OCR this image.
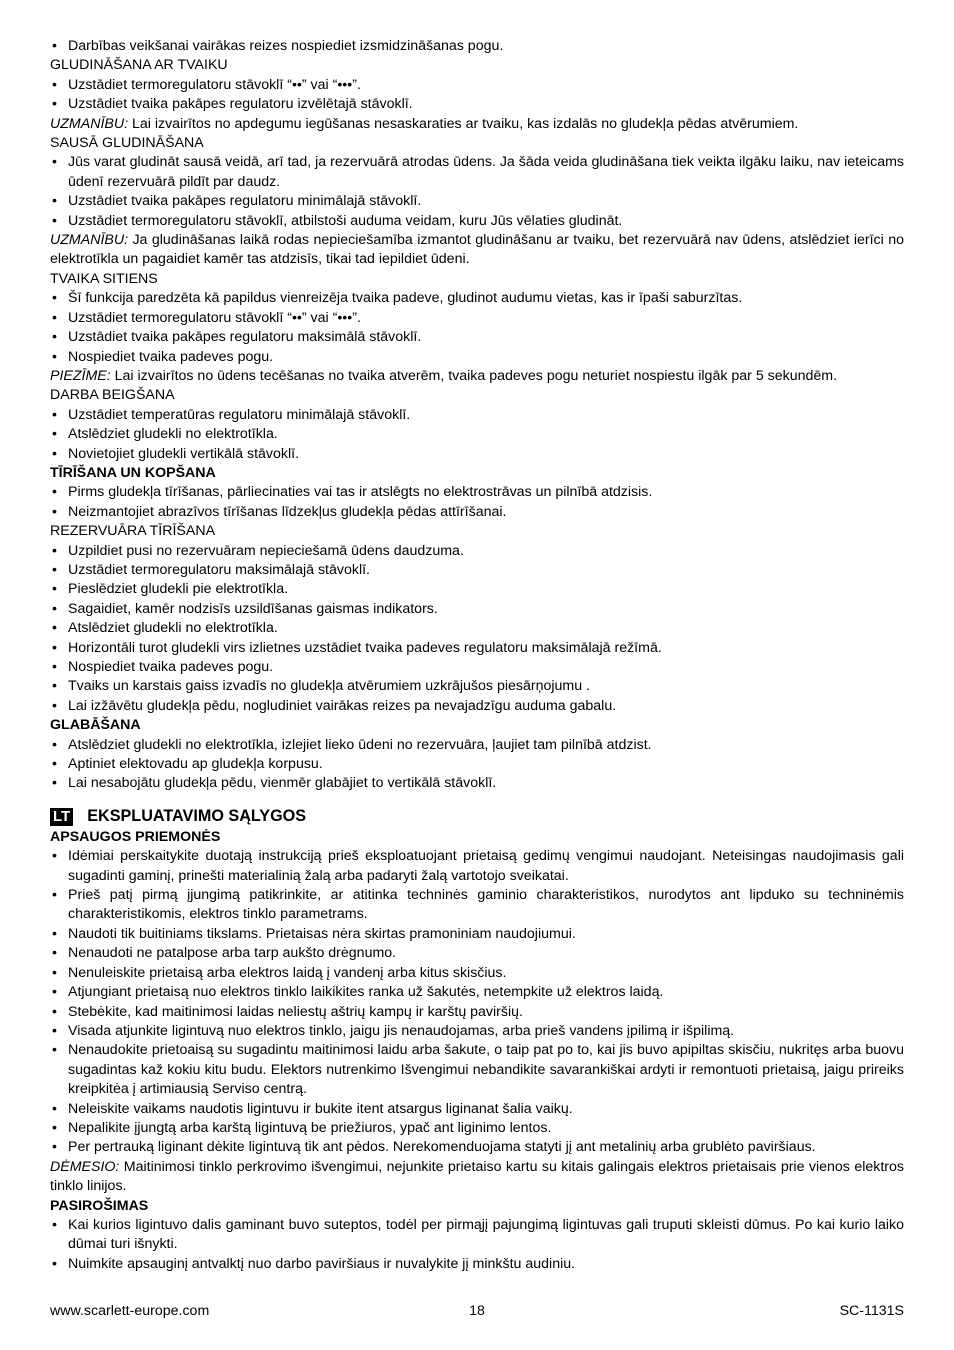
• Darbības veikšanai vairākas reizes nospiediet izsmidzināšanas pogu.

GLUDINĀŠANA AR TVAIKU

• Uzstādiet termoregulatoru stāvoklī “••” vai “•••”.
• Uzstādiet tvaika pakāpes regulatoru izvēlētajā stāvoklī.

UZMANĪBU: Lai izvairītos no apdegumu iegūšanas nesaskaraties ar tvaiku, kas izdalās no gludekļa pēdas atvērumiem.

SAUSĀ GLUDINĀŠANA

• Jūs varat gludināt sausā veidā, arī tad, ja rezervuārā atrodas ūdens. Ja šāda veida gludināšana tiek veikta ilgāku laiku, nav ieteicams ūdenī rezervuārā pildīt par daudz.
• Uzstādiet tvaika pakāpes regulatoru minimālajā stāvoklī.
• Uzstādiet termoregulatoru stāvoklī, atbilstoši auduma veidam, kuru Jūs vēlaties gludināt.

UZMANĪBU: Ja gludināšanas laikā rodas nepieciešamība izmantot gludināšanu ar tvaiku, bet rezervuārā nav ūdens, atslēdziet ierīci no elektrotīkla un pagaidiet kamēr tas atdzisīs, tikai tad iepildiet ūdeni.

TVAIKA SITIENS

• Šī funkcija paredzēta kā papildus vienreizēja tvaika padeve, gludinot audumu vietas, kas ir īpaši saburzītas.
• Uzstādiet termoregulatoru stāvoklī “••” vai “•••”.
• Uzstādiet tvaika pakāpes regulatoru maksimālā stāvoklī.
• Nospiediet tvaika padeves pogu.

PIEZĪME: Lai izvairītos no ūdens tecēšanas no tvaika atverēm, tvaika padeves pogu neturiet nospiestu ilgāk par 5 sekundēm.

DARBA BEIGŠANA

• Uzstādiet temperatūras regulatoru minimālajā stāvoklī.
• Atslēdziet gludekli no elektrotīkla.
• Novietojiet gludekli vertikālā stāvoklī.

TĪRĪŠANA UN KOPŠANA

• Pirms gludekļa tīrīšanas, pārliecinaties vai tas ir atslēgts no elektrostrāvas un pilnībā atdzisis.
• Neizmantojiet abrazīvos tīrīšanas līdzekļus gludekļa pēdas attīrīšanai.

REZERVUĀRA TĪRĪŠANA

• Uzpildiet pusi no rezervuāram nepieciešamā ūdens daudzuma.
• Uzstādiet termoregulatoru maksimālajā stāvoklī.
• Pieslēdziet gludekli pie elektrotīkla.
• Sagaidiet, kamēr nodzisīs uzsildīšanas gaismas indikators.
• Atslēdziet gludekli no elektrotīkla.
• Horizontāli turot gludekli virs izlietnes uzstādiet tvaika padeves regulatoru maksimālajā režīmā.
• Nospiediet tvaika padeves pogu.
• Tvaiks un karstais gaiss izvadīs no gludekļa atvērumiem uzkrājušos piesārņojumu .
• Lai izžāvētu gludekļa pēdu, nogludiniet vairākas reizes pa nevajadzīgu auduma gabalu.

GLABĀŠANA

• Atslēdziet gludekli no elektrotīkla, izlejiet lieko ūdeni no rezervuāra, ļaujiet tam pilnībā atdzist.
• Aptiniet elektovadu ap gludekļa korpusu.
• Lai nesabojātu gludekļa pēdu, vienmēr glabājiet to vertikālā stāvoklī.
LT EKSPLUATAVIMO SĄLYGOS

APSAUGOS PRIEMONĖS

• Idėmiai perskaitykite duotają instrukciją prieš eksploatuojant prietaisą gedimų vengimui naudojant. Neteisingas naudojimasis gali sugadinti gaminį, prinešti materialinią žalą arba padaryti žalą vartotojo sveikatai.
• Prieš patį pirmą įjungimą patikrinkite, ar atitinka techninės gaminio charakteristikos, nurodytos ant lipduko su techninėmis charakteristikomis, elektros tinklo parametrams.
• Naudoti tik buitiniams tikslams. Prietaisas nėra skirtas pramoniniam naudojiumui.
• Nenaudoti ne patalpose arba tarp aukšto drėgnumo.
• Nenuleiskite prietaisą arba elektros laidą į vandenį arba kitus skisčius.
• Atjungiant prietaisą nuo elektros tinklo laikikites ranka už šakutės, netempkite už elektros laidą.
• Stebėkite, kad maitinimosi laidas neliestų aštrių kampų ir karštų paviršių.
• Visada atjunkite ligintuvą nuo elektros tinklo, jaigu jis nenaudojamas, arba prieš vandens įpilimą ir išpilimą.
• Nenaudokite prietoaisą su sugadintu maitinimosi laidu arba šakute, o taip pat po to, kai jis buvo apipiltas skisčiu, nukritęs arba buovu sugadintas kaž kokiu kitu budu. Elektors nutrenkimo Išvengimui nebandikite savarankiškai ardyti ir remontuoti prietaisą, jaigu prireiks kreipkitėa į artimiausią Serviso centrą.
• Neleiskite vaikams naudotis ligintuvu ir bukite itent atsargus liginanat šalia vaikų.
• Nepalikite įjungtą arba karštą ligintuvą be priežiuros, ypač ant liginimo lentos.
• Per pertrauką liginant dėkite ligintuvą tik ant pėdos. Nerekomenduojama statyti jį ant metalinių arba grublėto paviršiaus.

DĖMESIO: Maitinimosi tinklo perkrovimo išvengimui, nejunkite prietaiso kartu su kitais galingais elektros prietaisais prie vienos elektros tinklo linijos.

PASIROŠIMAS

• Kai kurios ligintuvo dalis gaminant buvo suteptos, todėl per pirmąjį pajungimą ligintuvas gali truputi skleisti dūmus. Po kai kurio laiko dūmai turi išnykti.
• Nuimkite apsauginį antvalktį nuo darbo paviršiaus ir nuvalykite jį minkštu audiniu.
www.scarlett-europe.com	18	SC-1131S
